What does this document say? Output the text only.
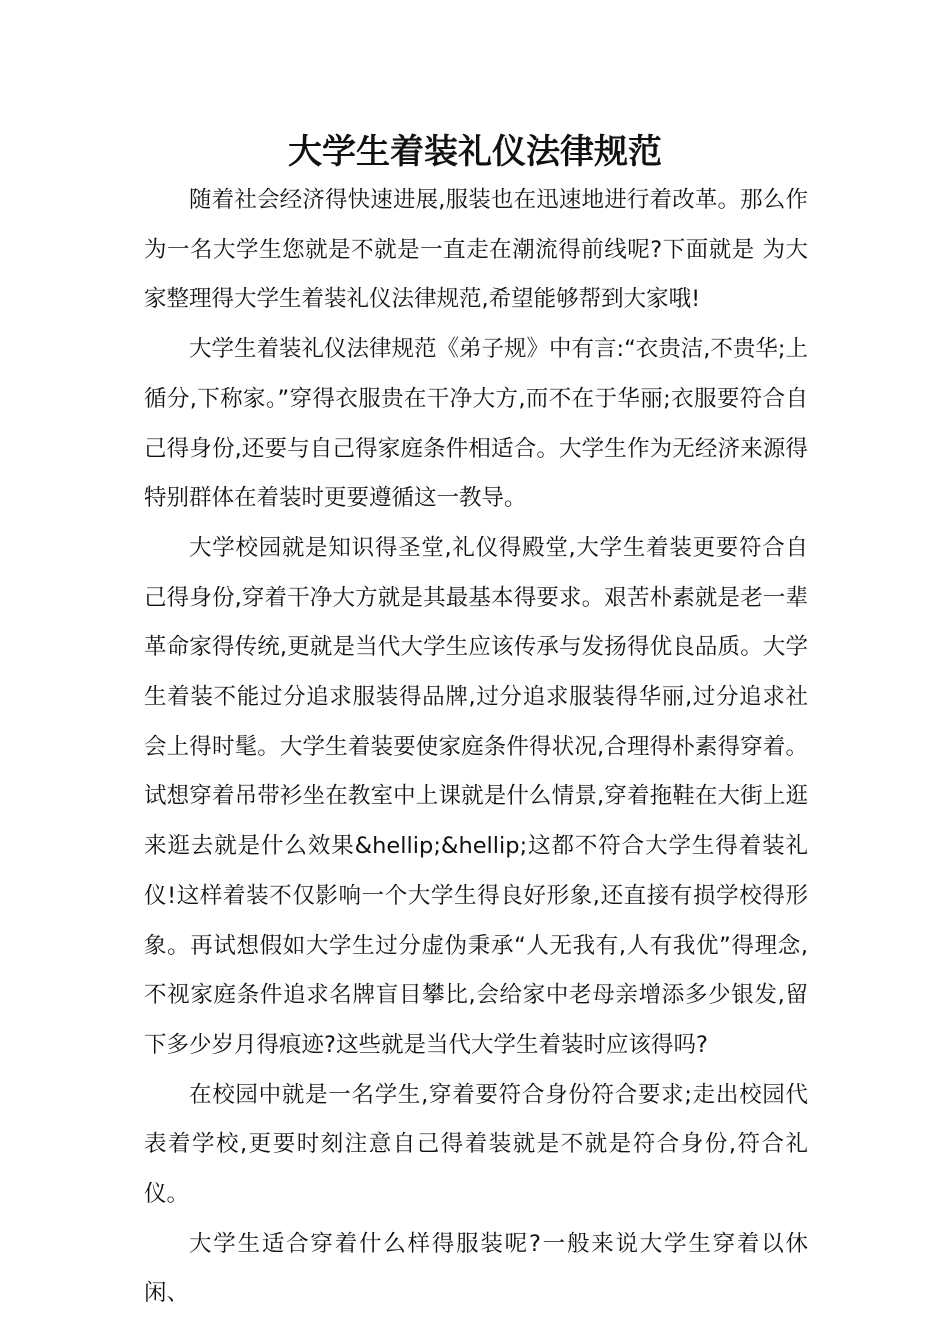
大学生着装礼仪法律规范

随着社会经济得快速进展,服装也在迅速地进行着改革。那么作为一名大学生您就是不就是一直走在潮流得前线呢?下面就是 为大家整理得大学生着装礼仪法律规范,希望能够帮到大家哦!

大学生着装礼仪法律规范《弟子规》中有言:“衣贵洁,不贵华;上循分,下称家。”穿得衣服贵在干净大方,而不在于华丽;衣服要符合自己得身份,还要与自己得家庭条件相适合。大学生作为无经济来源得特别群体在着装时更要遵循这一教导。

大学校园就是知识得圣堂,礼仪得殿堂,大学生着装更要符合自己得身份,穿着干净大方就是其最基本得要求。艰苦朴素就是老一辈革命家得传统,更就是当代大学生应该传承与发扬得优良品质。大学生着装不能过分追求服装得品牌,过分追求服装得华丽,过分追求社会上得时髦。大学生着装要使家庭条件得状况,合理得朴素得穿着。试想穿着吊带衫坐在教室中上课就是什么情景,穿着拖鞋在大街上逛来逛去就是什么效果&hellip;&hellip;这都不符合大学生得着装礼仪!这样着装不仅影响一个大学生得良好形象,还直接有损学校得形象。再试想假如大学生过分虚伪秉承“人无我有,人有我优”得理念,不视家庭条件追求名牌盲目攀比,会给家中老母亲增添多少银发,留下多少岁月得痕迹?这些就是当代大学生着装时应该得吗?

在校园中就是一名学生,穿着要符合身份符合要求;走出校园代表着学校,更要时刻注意自己得着装就是不就是符合身份,符合礼仪。

大学生适合穿着什么样得服装呢?一般来说大学生穿着以休闲、
